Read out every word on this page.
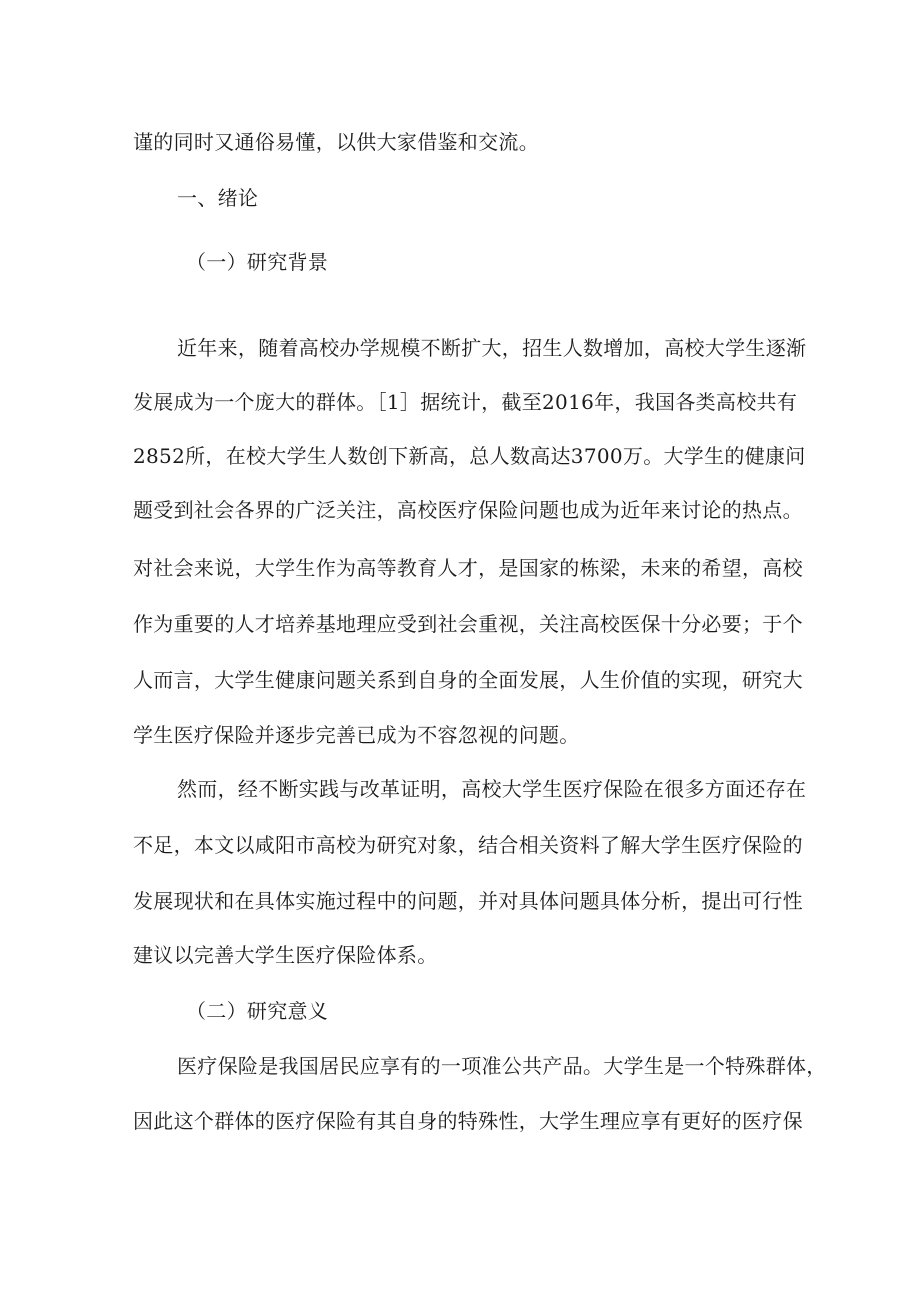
谨的同时又通俗易懂，以供大家借鉴和交流。

一、绪论

（一）研究背景

近年来，随着高校办学规模不断扩大，招生人数增加，高校大学生逐渐

发展成为一个庞大的群体。［1］据统计，截至2016年，我国各类高校共有

2852所，在校大学生人数创下新高，总人数高达3700万。大学生的健康问

题受到社会各界的广泛关注，高校医疗保险问题也成为近年来讨论的热点。

对社会来说，大学生作为高等教育人才，是国家的栋梁，未来的希望，高校

作为重要的人才培养基地理应受到社会重视，关注高校医保十分必要；于个

人而言，大学生健康问题关系到自身的全面发展，人生价值的实现，研究大

学生医疗保险并逐步完善已成为不容忽视的问题。

然而，经不断实践与改革证明，高校大学生医疗保险在很多方面还存在

不足，本文以咸阳市高校为研究对象，结合相关资料了解大学生医疗保险的

发展现状和在具体实施过程中的问题，并对具体问题具体分析，提出可行性

建议以完善大学生医疗保险体系。

（二）研究意义

医疗保险是我国居民应享有的一项准公共产品。大学生是一个特殊群体，

因此这个群体的医疗保险有其自身的特殊性，大学生理应享有更好的医疗保
